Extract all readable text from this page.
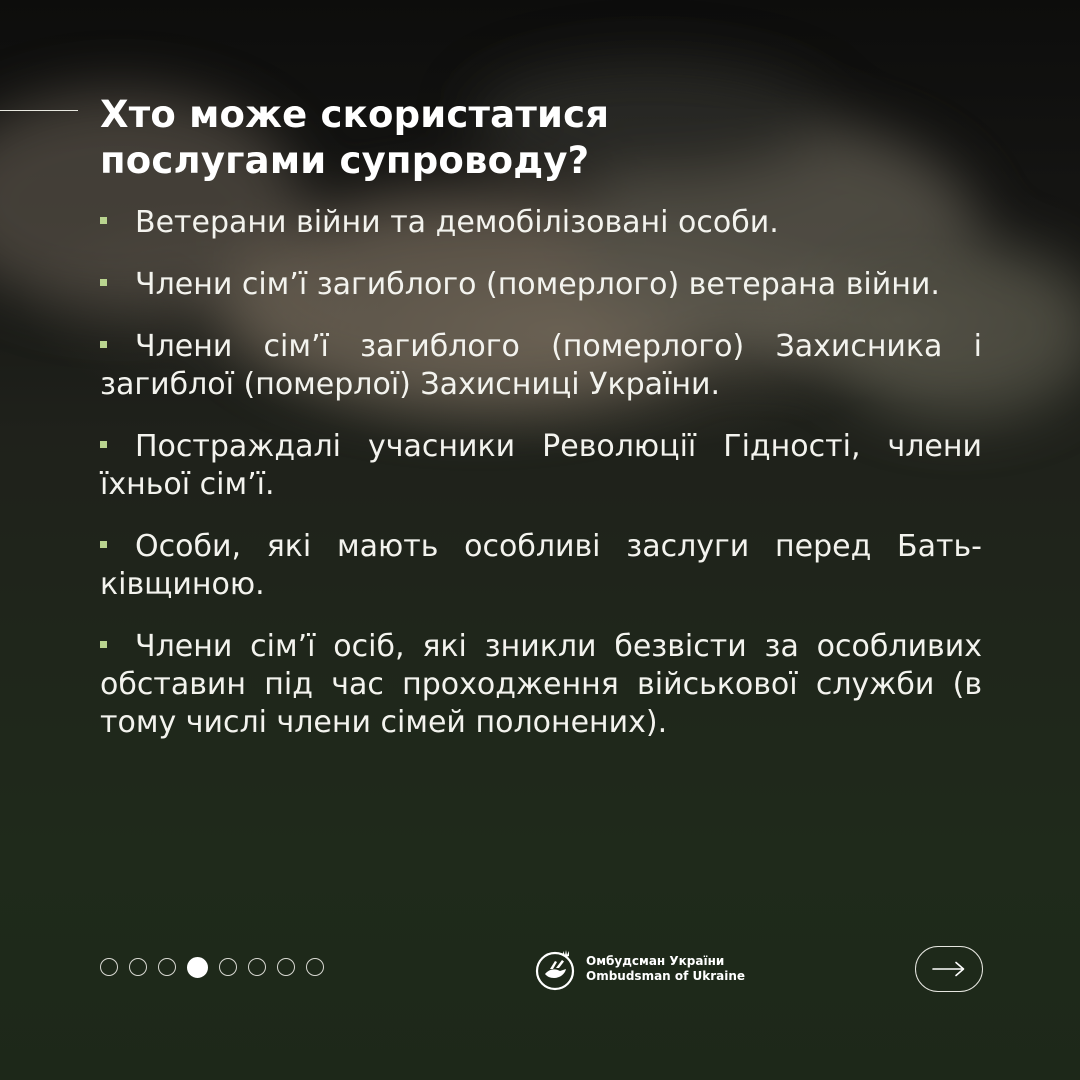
Хто може скористатися
послугами супроводу?
Ветерани війни та демобілізовані особи.
Члени сім’ї загиблого (померлого) ветерана війни.
Члени сім’ї загиблого (померлого) Захисника і загиблої (померлої) Захисниці України.
Постраждалі учасники Революції Гідності, члени їхньої сім’ї.
Особи, які мають особливі заслуги перед Батьківщиною.
Члени сім’ї осіб, які зникли безвісти за особливих обставин під час проходження військової служби (в тому числі члени сімей полонених).
Омбудсман України
Ombudsman of Ukraine
